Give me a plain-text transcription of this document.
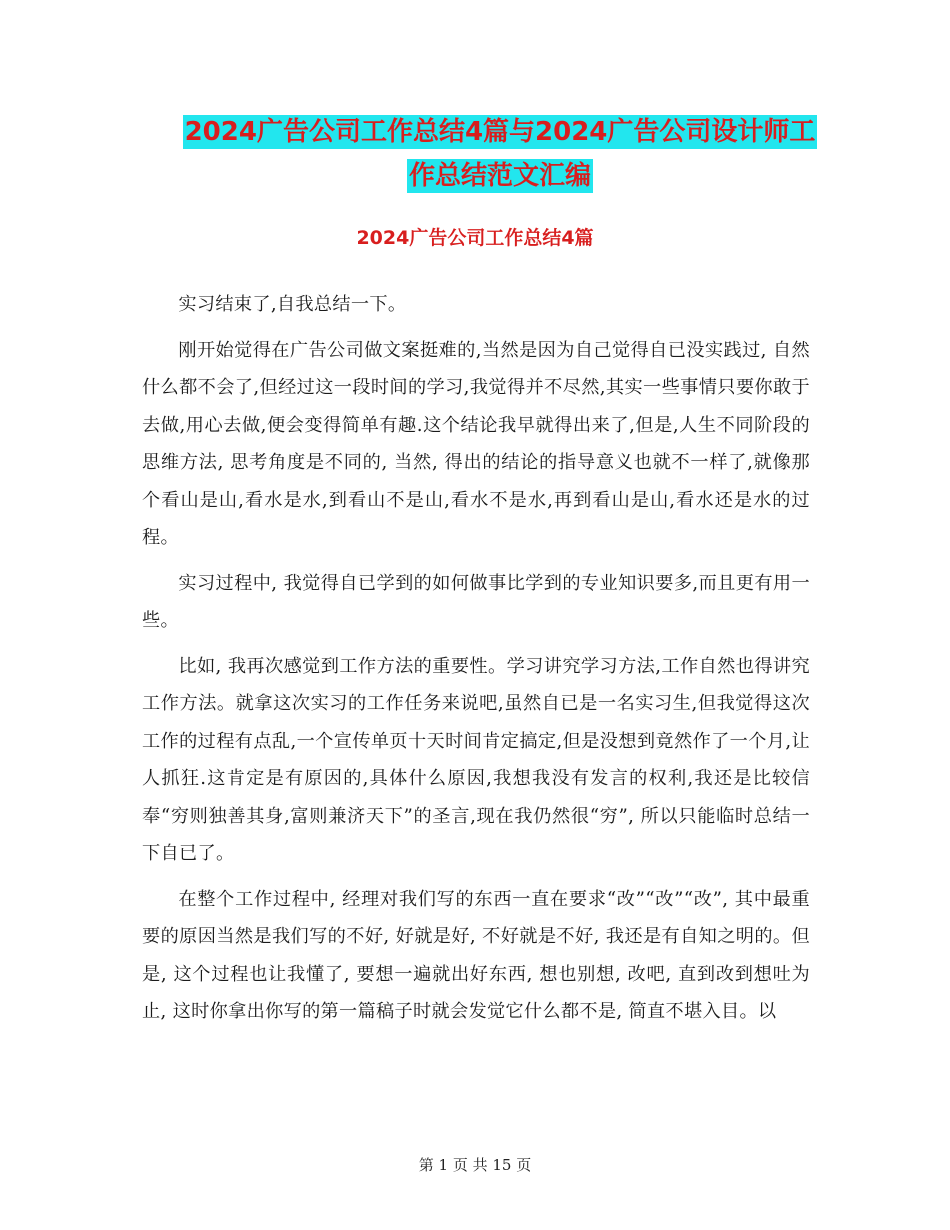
2024广告公司工作总结4篇与2024广告公司设计师工
作总结范文汇编
2024广告公司工作总结4篇

实习结束了,自我总结一下。

刚开始觉得在广告公司做文案挺难的,当然是因为自己觉得自已没实践过, 自然什么都不会了,但经过这一段时间的学习,我觉得并不尽然,其实一些事情只要你敢于去做,用心去做,便会变得简单有趣.这个结论我早就得出来了,但是,人生不同阶段的思维方法, 思考角度是不同的, 当然, 得出的结论的指导意义也就不一样了,就像那个看山是山,看水是水,到看山不是山,看水不是水,再到看山是山,看水还是水的过程。

实习过程中, 我觉得自已学到的如何做事比学到的专业知识要多,而且更有用一些。

比如, 我再次感觉到工作方法的重要性。学习讲究学习方法,工作自然也得讲究工作方法。就拿这次实习的工作任务来说吧,虽然自已是一名实习生,但我觉得这次工作的过程有点乱,一个宣传单页十天时间肯定搞定,但是没想到竟然作了一个月,让人抓狂.这肯定是有原因的,具体什么原因,我想我没有发言的权利,我还是比较信奉“穷则独善其身,富则兼济天下”的圣言,现在我仍然很“穷”, 所以只能临时总结一下自已了。

在整个工作过程中, 经理对我们写的东西一直在要求“改”“改”“改”, 其中最重要的原因当然是我们写的不好, 好就是好, 不好就是不好, 我还是有自知之明的。但是, 这个过程也让我懂了, 要想一遍就出好东西, 想也别想, 改吧, 直到改到想吐为止, 这时你拿出你写的第一篇稿子时就会发觉它什么都不是, 简直不堪入目。以

第 1 页 共 15 页
